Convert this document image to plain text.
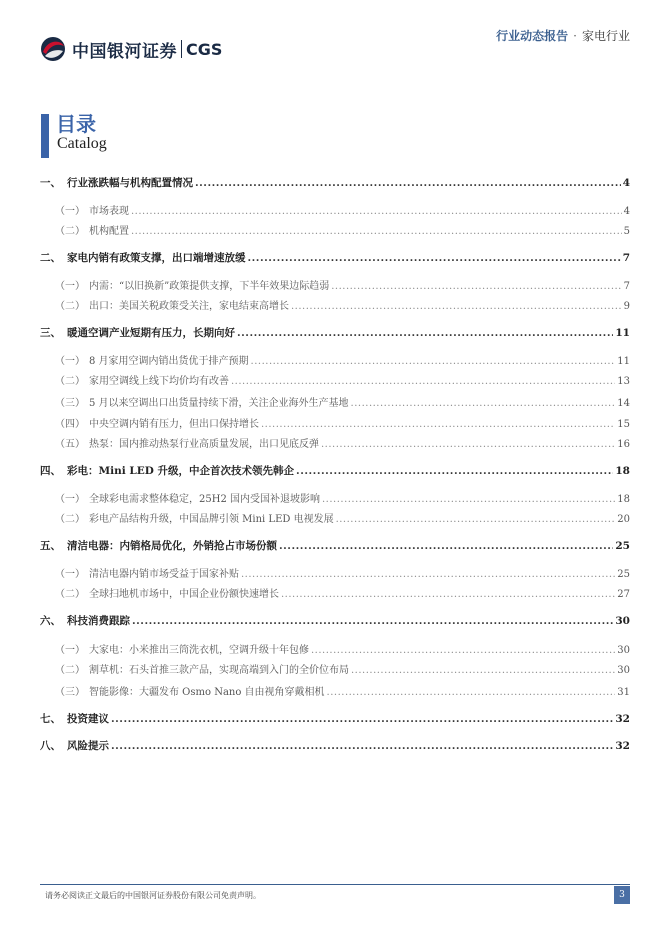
中国银河证券 CGS
行业动态报告 · 家电行业
目录
Catalog
一、 行业涨跌幅与机构配置情况 .....	4
（一） 市场表现 .....	4
（二） 机构配置 .....	5
二、 家电内销有政策支撑，出口端增速放缓 .....	7
（一） 内需：“以旧换新”政策提供支撑，下半年效果边际趋弱 .....	7
（二） 出口：美国关税政策受关注，家电结束高增长 .....	9
三、 暖通空调产业短期有压力，长期向好 .....	11
（一） 8 月家用空调内销出货优于排产预期 .....	11
（二） 家用空调线上线下均价均有改善 .....	13
（三） 5 月以来空调出口出货量持续下滑，关注企业海外生产基地 .....	14
（四） 中央空调内销有压力，但出口保持增长 .....	15
（五） 热泵：国内推动热泵行业高质量发展，出口见底反弹 .....	16
四、 彩电：Mini LED 升级，中企首次技术领先韩企 .....	18
（一） 全球彩电需求整体稳定，25H2 国内受国补退坡影响 .....	18
（二） 彩电产品结构升级，中国品牌引领 Mini LED 电视发展 .....	20
五、 清洁电器：内销格局优化，外销抢占市场份额 .....	25
（一） 清洁电器内销市场受益于国家补贴 .....	25
（二） 全球扫地机市场中，中国企业份额快速增长 .....	27
六、 科技消费跟踪 .....	30
（一） 大家电：小米推出三筒洗衣机，空调升级十年包修 .....	30
（二） 割草机：石头首推三款产品，实现高端到入门的全价位布局 .....	30
（三） 智能影像：大疆发布 Osmo Nano 自由视角穿戴相机 .....	31
七、 投资建议 .....	32
八、 风险提示 .....	32
请务必阅读正文最后的中国银河证券股份有限公司免责声明。	3
